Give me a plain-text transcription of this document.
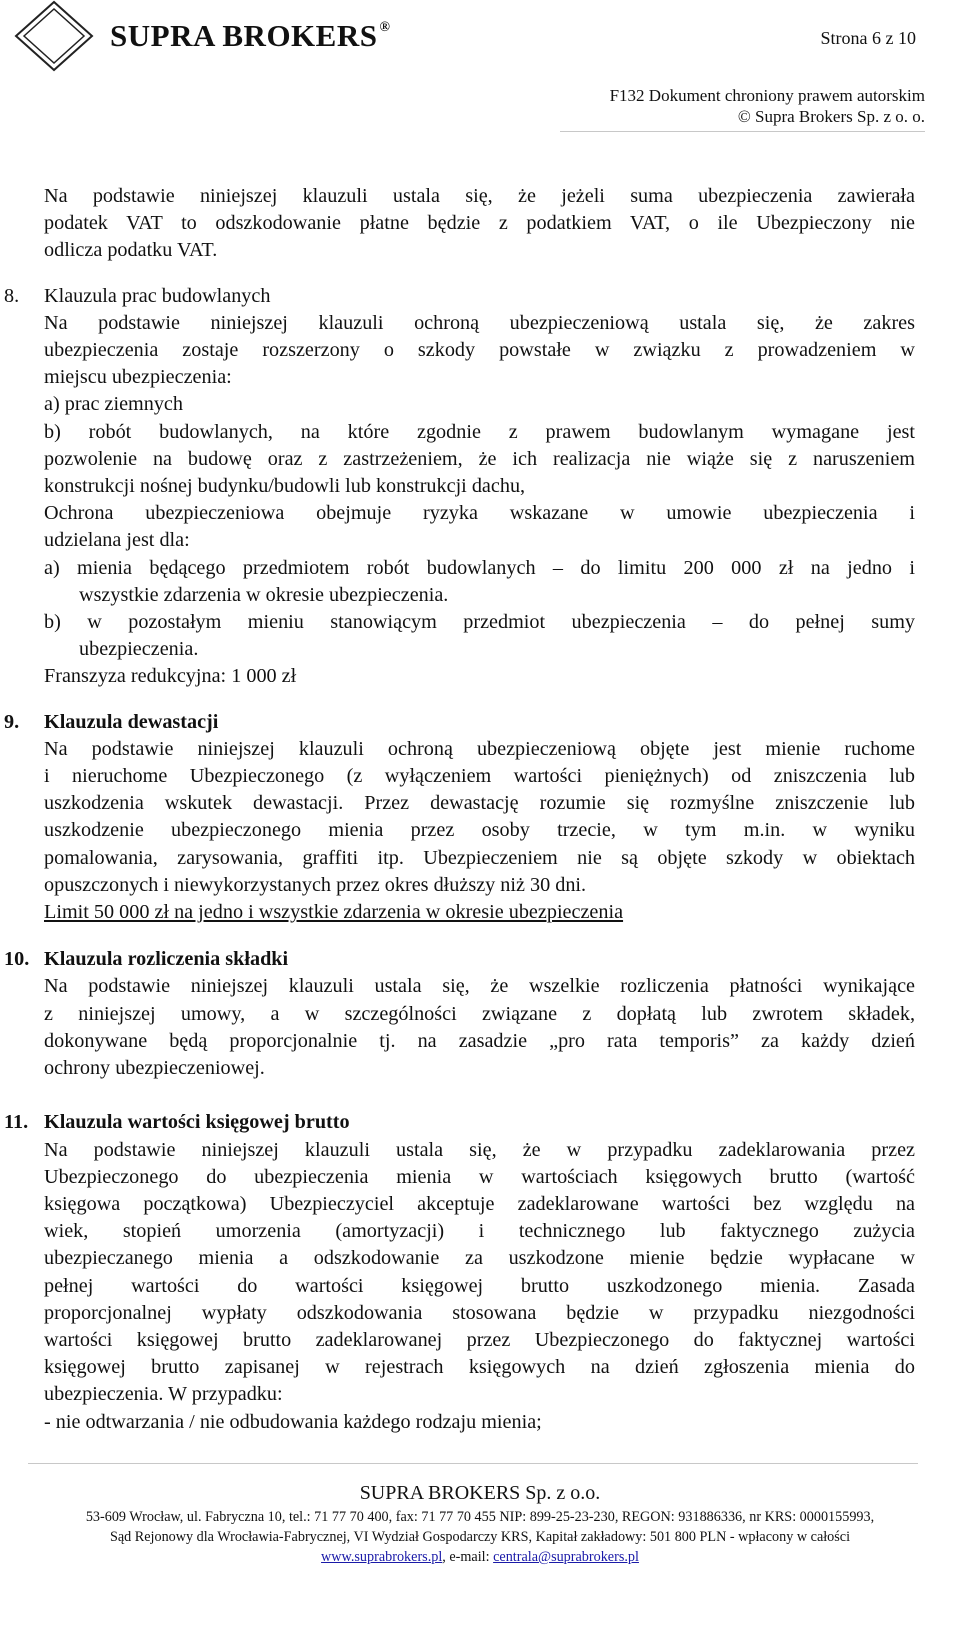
SUPRA BROKERS ®
Strona 6 z 10
F132 Dokument chroniony prawem autorskim
© Supra Brokers Sp. z o. o.

Na podstawie niniejszej klauzuli ustala się, że jeżeli suma ubezpieczenia zawierała

podatek VAT to odszkodowanie płatne będzie z podatkiem VAT, o ile Ubezpieczony nie

odlicza podatku VAT.

8. Klauzula prac budowlanych

Na podstawie niniejszej klauzuli ochroną ubezpieczeniową ustala się, że zakres

ubezpieczenia zostaje rozszerzony o szkody powstałe w związku z prowadzeniem w

miejscu ubezpieczenia:

a) prac ziemnych

b) robót budowlanych, na które zgodnie z prawem budowlanym wymagane jest

pozwolenie na budowę oraz z zastrzeżeniem, że ich realizacja nie wiąże się z naruszeniem

konstrukcji nośnej budynku/budowli lub konstrukcji dachu,

Ochrona ubezpieczeniowa obejmuje ryzyka wskazane w umowie ubezpieczenia i

udzielana jest dla:

a) mienia będącego przedmiotem robót budowlanych – do limitu 200 000 zł na jedno i

wszystkie zdarzenia w okresie ubezpieczenia.

b) w pozostałym mieniu stanowiącym przedmiot ubezpieczenia – do pełnej sumy

ubezpieczenia.

Franszyza redukcyjna: 1 000 zł

9. Klauzula dewastacji

Na podstawie niniejszej klauzuli ochroną ubezpieczeniową objęte jest mienie ruchome

i nieruchome Ubezpieczonego (z wyłączeniem wartości pieniężnych) od zniszczenia lub

uszkodzenia wskutek dewastacji. Przez dewastację rozumie się rozmyślne zniszczenie lub

uszkodzenie ubezpieczonego mienia przez osoby trzecie, w tym m.in. w wyniku

pomalowania, zarysowania, graffiti itp. Ubezpieczeniem nie są objęte szkody w obiektach

opuszczonych i niewykorzystanych przez okres dłuższy niż 30 dni.

Limit 50 000 zł na jedno i wszystkie zdarzenia w okresie ubezpieczenia

10. Klauzula rozliczenia składki

Na podstawie niniejszej klauzuli ustala się, że wszelkie rozliczenia płatności wynikające

z niniejszej umowy, a w szczególności związane z dopłatą lub zwrotem składek,

dokonywane będą proporcjonalnie tj. na zasadzie „pro rata temporis” za każdy dzień

ochrony ubezpieczeniowej.

11. Klauzula wartości księgowej brutto

Na podstawie niniejszej klauzuli ustala się, że w przypadku zadeklarowania przez

Ubezpieczonego do ubezpieczenia mienia w wartościach księgowych brutto (wartość

księgowa początkowa) Ubezpieczyciel akceptuje zadeklarowane wartości bez względu na

wiek, stopień umorzenia (amortyzacji) i technicznego lub faktycznego zużycia

ubezpieczanego mienia a odszkodowanie za uszkodzone mienie będzie wypłacane w

pełnej wartości do wartości księgowej brutto uszkodzonego mienia. Zasada

proporcjonalnej wypłaty odszkodowania stosowana będzie w przypadku niezgodności

wartości księgowej brutto zadeklarowanej przez Ubezpieczonego do faktycznej wartości

księgowej brutto zapisanej w rejestrach księgowych na dzień zgłoszenia mienia do

ubezpieczenia. W przypadku:

- nie odtwarzania / nie odbudowania każdego rodzaju mienia;

SUPRA BROKERS Sp. z o.o.
53-609 Wrocław, ul. Fabryczna 10, tel.: 71 77 70 400, fax: 71 77 70 455 NIP: 899-25-23-230, REGON: 931886336, nr KRS: 0000155993,
Sąd Rejonowy dla Wrocławia-Fabrycznej, VI Wydział Gospodarczy KRS, Kapitał zakładowy: 501 800 PLN - wpłacony w całości
www.suprabrokers.pl, e-mail: centrala@suprabrokers.pl
